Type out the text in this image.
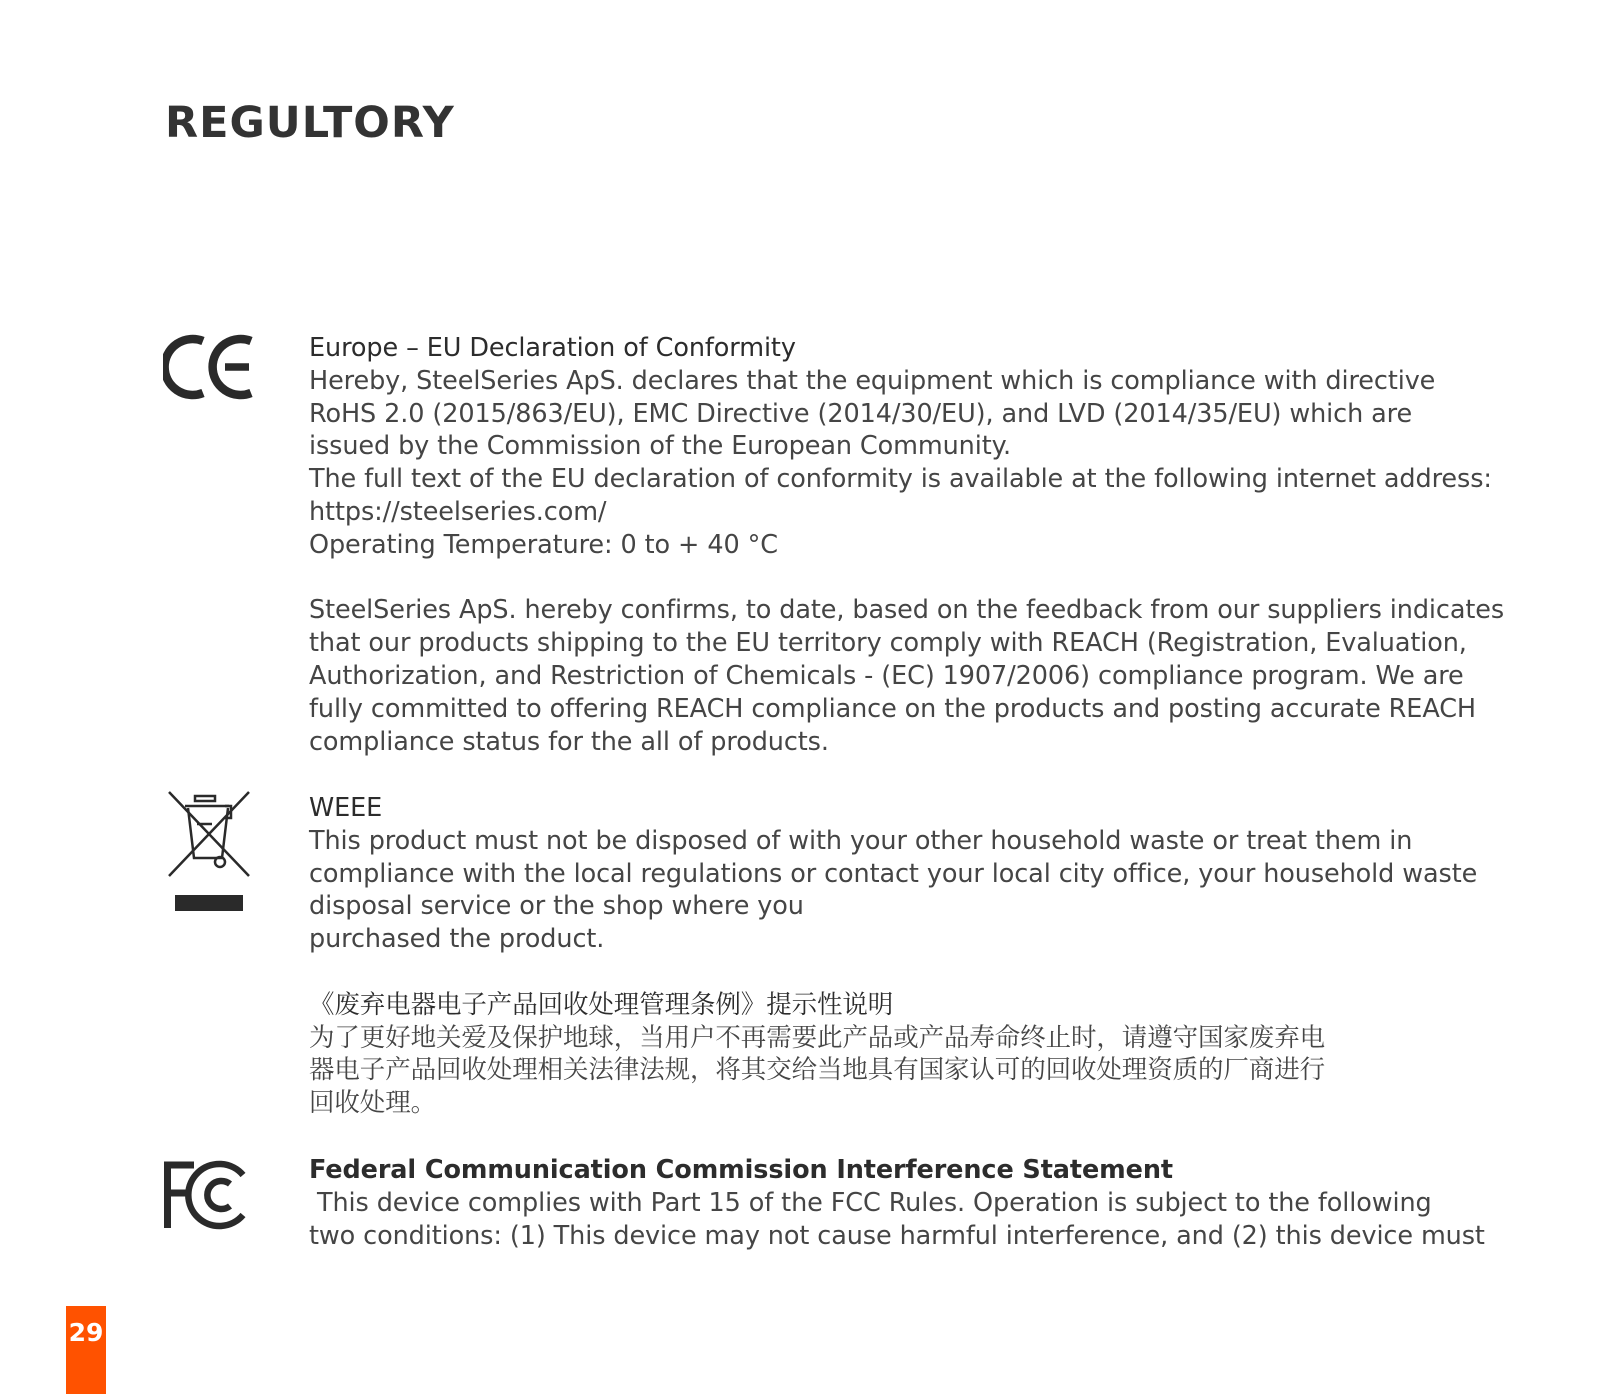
REGULTORY

Europe – EU Declaration of Conformity

Hereby, SteelSeries ApS. declares that the equipment which is compliance with directive

RoHS 2.0 (2015/863/EU), EMC Directive (2014/30/EU), and LVD (2014/35/EU) which are

issued by the Commission of the European Community.

The full text of the EU declaration of conformity is available at the following internet address:

https://steelseries.com/

Operating Temperature: 0 to + 40 °C

SteelSeries ApS. hereby confirms, to date, based on the feedback from our suppliers indicates

that our products shipping to the EU territory comply with REACH (Registration, Evaluation,

Authorization, and Restriction of Chemicals - (EC) 1907/2006) compliance program. We are

fully committed to offering REACH compliance on the products and posting accurate REACH

compliance status for the all of products.

WEEE

This product must not be disposed of with your other household waste or treat them in

compliance with the local regulations or contact your local city office, your household waste

disposal service or the shop where you

purchased the product.

《废弃电器电子产品回收处理管理条例》提示性说明

为了更好地关爱及保护地球，当用户不再需要此产品或产品寿命终止时，请遵守国家废弃电

器电子产品回收处理相关法律法规，将其交给当地具有国家认可的回收处理资质的厂商进行

回收处理。

Federal Communication Commission Interference Statement

This device complies with Part 15 of the FCC Rules. Operation is subject to the following

two conditions: (1) This device may not cause harmful interference, and (2) this device must

29
